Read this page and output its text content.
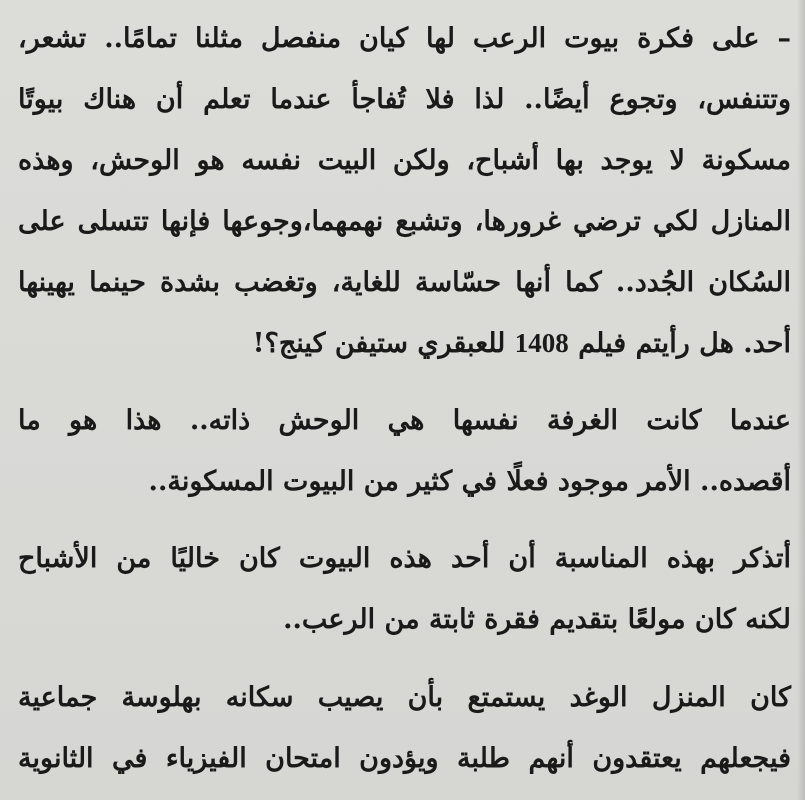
– على فكرة بيوت الرعب لها كيان منفصل مثلنا تمامًا.. تشعر،
وتتنفس، وتجوع أيضًا.. لذا فلا تُفاجأ عندما تعلم أن هناك بيوتًا
مسكونة لا يوجد بها أشباح، ولكن البيت نفسه هو الوحش، وهذه
المنازل لكي ترضي غرورها، وتشبع نهمهما،وجوعها فإنها تتسلى على
السُكان الجُدد.. كما أنها حسّاسة للغاية، وتغضب بشدة حينما يهينها
أحد. هل رأيتم فيلم 1408 للعبقري ستيفن كينج؟!
عندما كانت الغرفة نفسها هي الوحش ذاته.. هذا هو ما
أقصده.. الأمر موجود فعلًا في كثير من البيوت المسكونة..
أتذكر بهذه المناسبة أن أحد هذه البيوت كان خاليًا من الأشباح
لكنه كان مولعًا بتقديم فقرة ثابتة من الرعب..
كان المنزل الوغد يستمتع بأن يصيب سكانه بهلوسة جماعية
فيجعلهم يعتقدون أنهم طلبة ويؤدون امتحان الفيزياء في الثانوية
